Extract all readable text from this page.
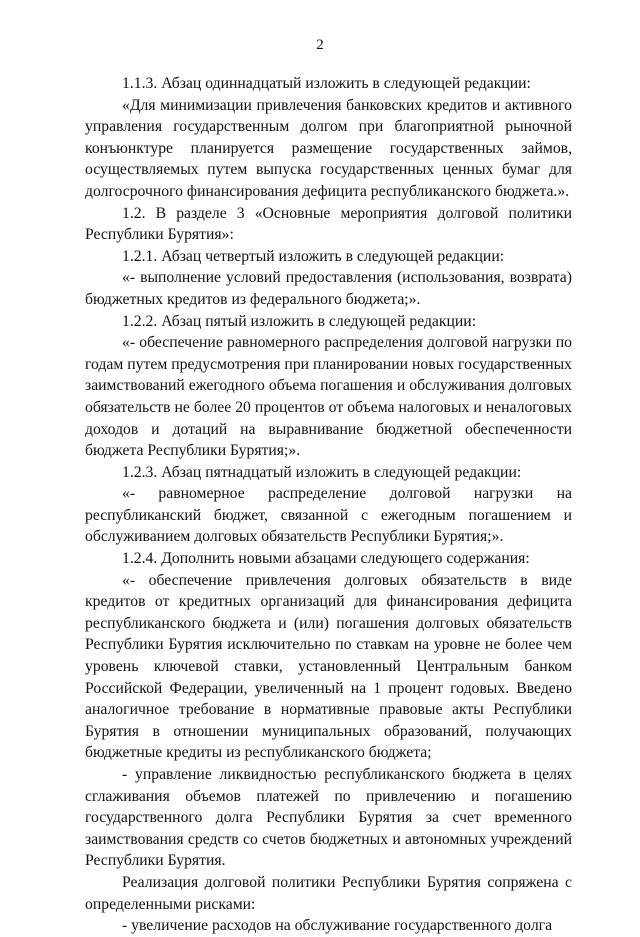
2

1.1.3. Абзац одиннадцатый изложить в следующей редакции:

«Для минимизации привлечения банковских кредитов и активного управления государственным долгом при благоприятной рыночной конъюнктуре планируется размещение государственных займов, осуществляемых путем выпуска государственных ценных бумаг для долгосрочного финансирования дефицита республиканского бюджета.».

1.2. В разделе 3 «Основные мероприятия долговой политики Республики Бурятия»:

1.2.1. Абзац четвертый изложить в следующей редакции:

«- выполнение условий предоставления (использования, возврата) бюджетных кредитов из федерального бюджета;».

1.2.2. Абзац пятый изложить в следующей редакции:

«- обеспечение равномерного распределения долговой нагрузки по годам путем предусмотрения при планировании новых государственных заимствований ежегодного объема погашения и обслуживания долговых обязательств не более 20 процентов от объема налоговых и неналоговых доходов и дотаций на выравнивание бюджетной обеспеченности бюджета Республики Бурятия;».

1.2.3. Абзац пятнадцатый изложить в следующей редакции:

«- равномерное распределение долговой нагрузки на республиканский бюджет, связанной с ежегодным погашением и обслуживанием долговых обязательств Республики Бурятия;».

1.2.4. Дополнить новыми абзацами следующего содержания:

«- обеспечение привлечения долговых обязательств в виде кредитов от кредитных организаций для финансирования дефицита республиканского бюджета и (или) погашения долговых обязательств Республики Бурятия исключительно по ставкам на уровне не более чем уровень ключевой ставки, установленный Центральным банком Российской Федерации, увеличенный на 1 процент годовых. Введено аналогичное требование в нормативные правовые акты Республики Бурятия в отношении муниципальных образований, получающих бюджетные кредиты из республиканского бюджета;

- управление ликвидностью республиканского бюджета в целях сглаживания объемов платежей по привлечению и погашению государственного долга Республики Бурятия за счет временного заимствования средств со счетов бюджетных и автономных учреждений Республики Бурятия.

Реализация долговой политики Республики Бурятия сопряжена с определенными рисками:

- увеличение расходов на обслуживание государственного долга
